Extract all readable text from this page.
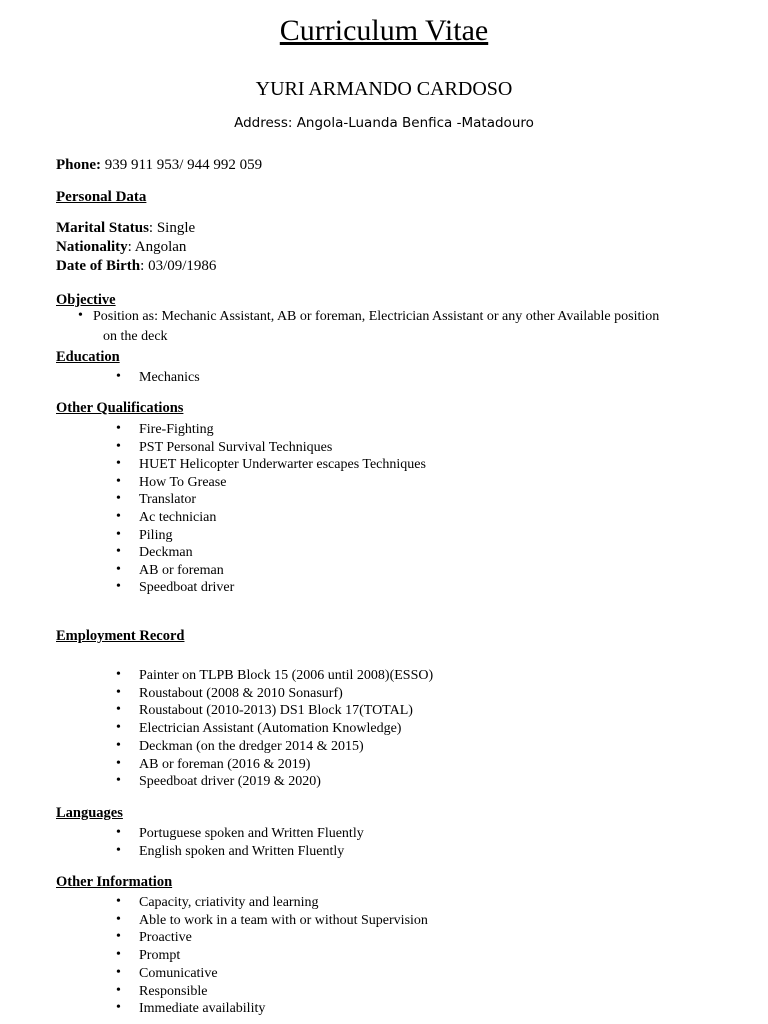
Curriculum Vitae
YURI ARMANDO CARDOSO
Address: Angola-Luanda Benfica -Matadouro
Phone: 939 911 953/ 944 992 059
Personal Data
Marital Status: Single
Nationality: Angolan
Date of Birth: 03/09/1986
Objective
• Position as: Mechanic Assistant, AB or foreman, Electrician Assistant or any other Available position
on the deck
Education
• Mechanics
Other Qualifications
• Fire-Fighting
• PST Personal Survival Techniques
• HUET Helicopter Underwarter escapes Techniques
• How To Grease
• Translator
• Ac technician
• Piling
• Deckman
• AB or foreman
• Speedboat driver
Employment Record
• Painter on TLPB Block 15 (2006 until 2008)(ESSO)
• Roustabout (2008 & 2010 Sonasurf)
• Roustabout (2010-2013) DS1 Block 17(TOTAL)
• Electrician Assistant (Automation Knowledge)
• Deckman (on the dredger 2014 & 2015)
• AB or foreman (2016 & 2019)
• Speedboat driver (2019 & 2020)
Languages
• Portuguese spoken and Written Fluently
• English spoken and Written Fluently
Other Information
• Capacity, criativity and learning
• Able to work in a team with or without Supervision
• Proactive
• Prompt
• Comunicative
• Responsible
• Immediate availability
